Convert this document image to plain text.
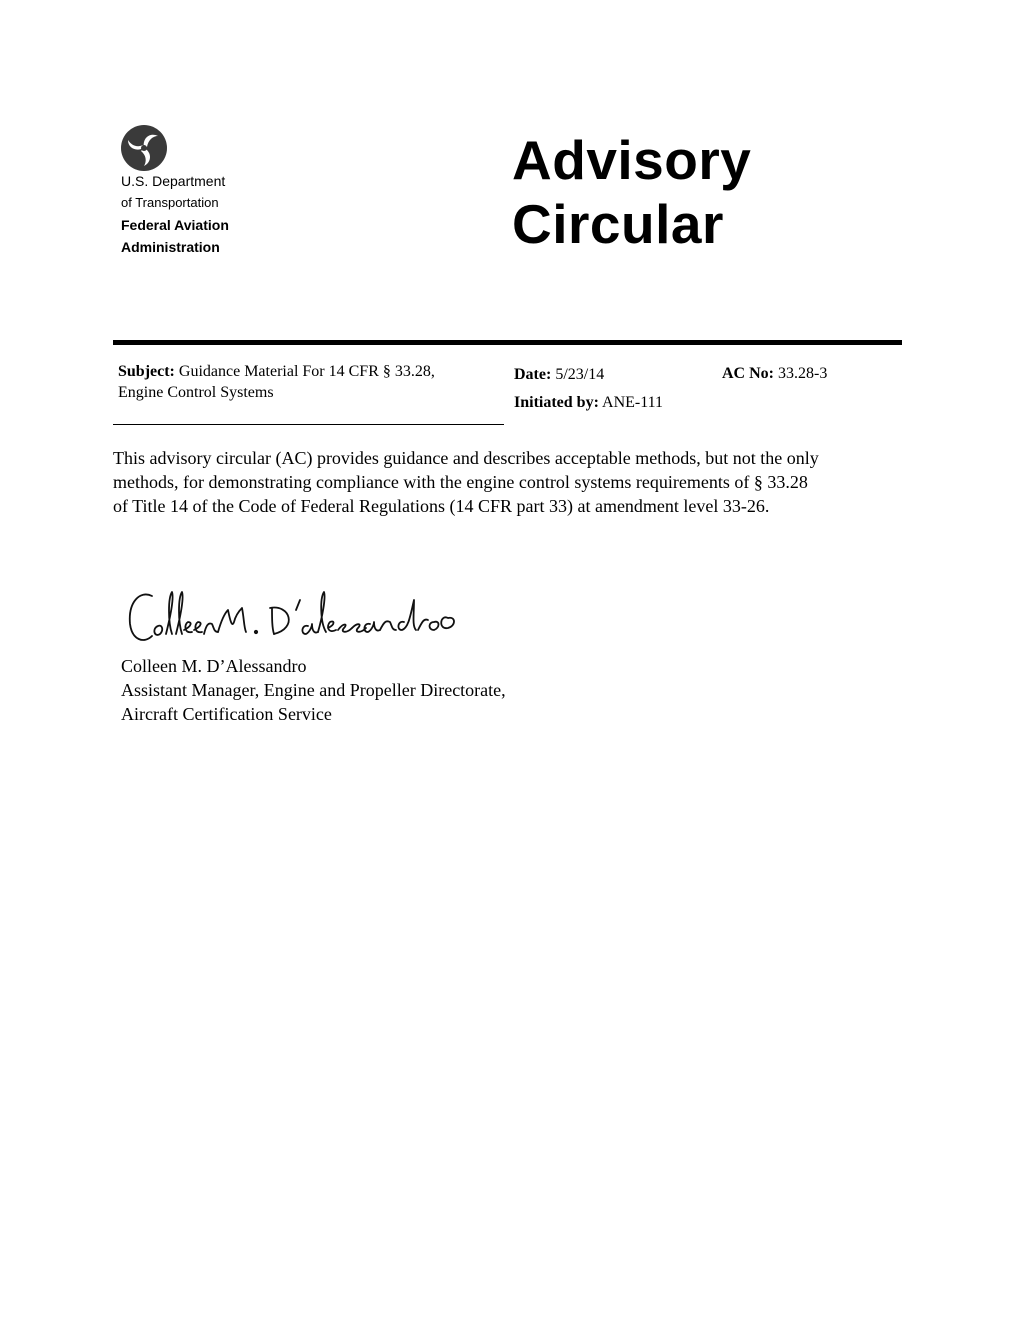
U.S. Department
of Transportation
Federal Aviation
Administration
Advisory
Circular
Subject: Guidance Material For 14 CFR § 33.28,
Engine Control Systems
Date: 5/23/14
Initiated by: ANE-111
AC No: 33.28-3
This advisory circular (AC) provides guidance and describes acceptable methods, but not the only
methods, for demonstrating compliance with the engine control systems requirements of § 33.28
of Title 14 of the Code of Federal Regulations (14 CFR part 33) at amendment level 33-26.
Colleen M. D’Alessandro
Assistant Manager, Engine and Propeller Directorate,
Aircraft Certification Service
